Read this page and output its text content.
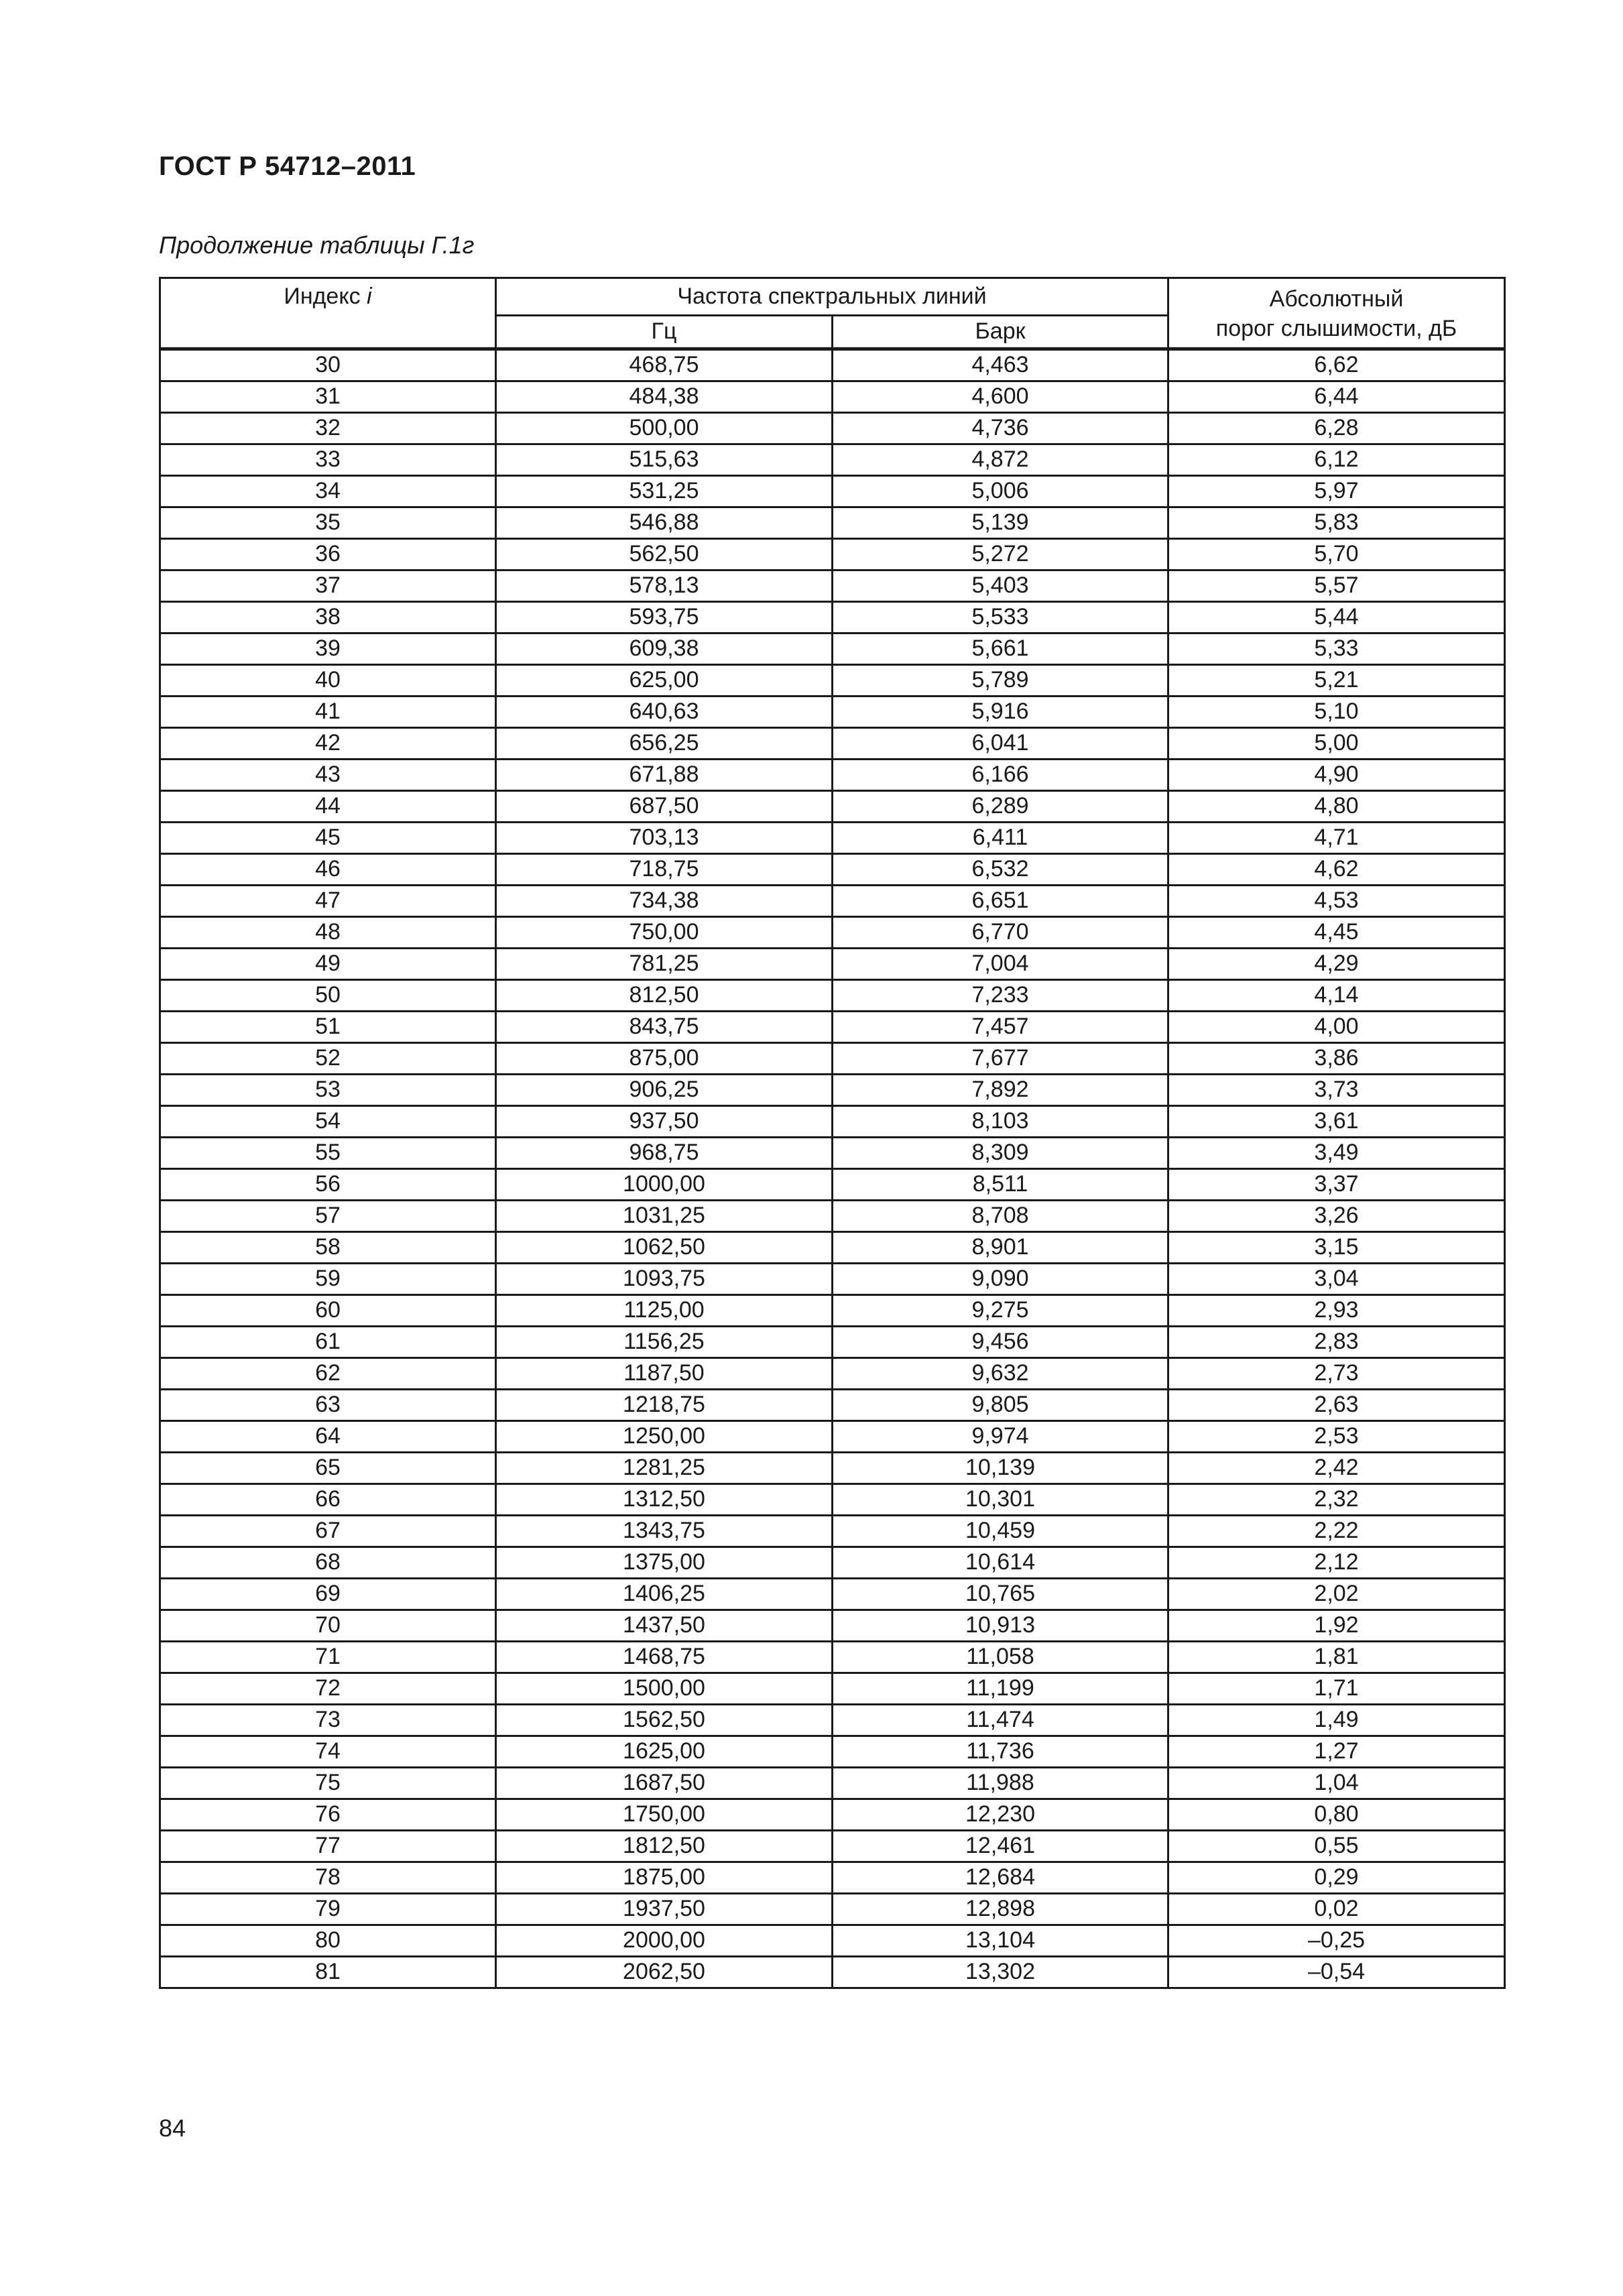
ГОСТ Р 54712–2011
Продолжение таблицы Г.1г
Индекс i	Частота спектральных линий		Абсолютный
порог слышимости, дБ
	Гц	Барк	
30	468,75	4,463	6,62
31	484,38	4,600	6,44
32	500,00	4,736	6,28
33	515,63	4,872	6,12
34	531,25	5,006	5,97
35	546,88	5,139	5,83
36	562,50	5,272	5,70
37	578,13	5,403	5,57
38	593,75	5,533	5,44
39	609,38	5,661	5,33
40	625,00	5,789	5,21
41	640,63	5,916	5,10
42	656,25	6,041	5,00
43	671,88	6,166	4,90
44	687,50	6,289	4,80
45	703,13	6,411	4,71
46	718,75	6,532	4,62
47	734,38	6,651	4,53
48	750,00	6,770	4,45
49	781,25	7,004	4,29
50	812,50	7,233	4,14
51	843,75	7,457	4,00
52	875,00	7,677	3,86
53	906,25	7,892	3,73
54	937,50	8,103	3,61
55	968,75	8,309	3,49
56	1000,00	8,511	3,37
57	1031,25	8,708	3,26
58	1062,50	8,901	3,15
59	1093,75	9,090	3,04
60	1125,00	9,275	2,93
61	1156,25	9,456	2,83
62	1187,50	9,632	2,73
63	1218,75	9,805	2,63
64	1250,00	9,974	2,53
65	1281,25	10,139	2,42
66	1312,50	10,301	2,32
67	1343,75	10,459	2,22
68	1375,00	10,614	2,12
69	1406,25	10,765	2,02
70	1437,50	10,913	1,92
71	1468,75	11,058	1,81
72	1500,00	11,199	1,71
73	1562,50	11,474	1,49
74	1625,00	11,736	1,27
75	1687,50	11,988	1,04
76	1750,00	12,230	0,80
77	1812,50	12,461	0,55
78	1875,00	12,684	0,29
79	1937,50	12,898	0,02
80	2000,00	13,104	–0,25
81	2062,50	13,302	–0,54
84
